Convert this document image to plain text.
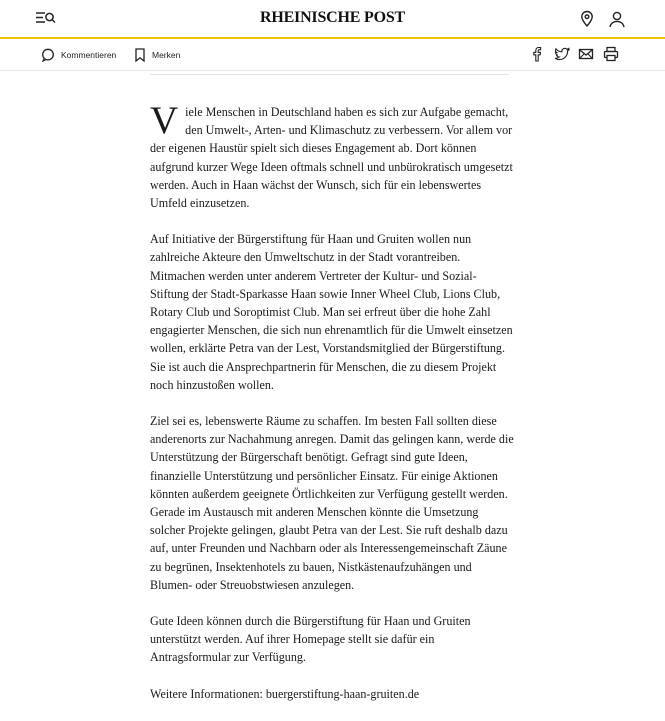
RHEINISCHE POST
Kommentieren	Merken

Viele Menschen in Deutschland haben es sich zur Aufgabe gemacht, den Umwelt-, Arten- und Klimaschutz zu verbessern. Vor allem vor der eigenen Haustür spielt sich dieses Engagement ab. Dort können aufgrund kurzer Wege Ideen oftmals schnell und unbürokratisch umgesetzt werden. Auch in Haan wächst der Wunsch, sich für ein lebenswertes Umfeld einzusetzen.

Auf Initiative der Bürgerstiftung für Haan und Gruiten wollen nun zahlreiche Akteure den Umweltschutz in der Stadt vorantreiben. Mitmachen werden unter anderem Vertreter der Kultur- und Sozial-Stiftung der Stadt-Sparkasse Haan sowie Inner Wheel Club, Lions Club, Rotary Club und Soroptimist Club. Man sei erfreut über die hohe Zahl engagierter Menschen, die sich nun ehrenamtlich für die Umwelt einsetzen wollen, erklärte Petra van der Lest, Vorstandsmitglied der Bürgerstiftung. Sie ist auch die Ansprechpartnerin für Menschen, die zu diesem Projekt noch hinzustoßen wollen.

Ziel sei es, lebenswerte Räume zu schaffen. Im besten Fall sollten diese anderenorts zur Nachahmung anregen. Damit das gelingen kann, werde die Unterstützung der Bürgerschaft benötigt. Gefragt sind gute Ideen, finanzielle Unterstützung und persönlicher Einsatz. Für einige Aktionen könnten außerdem geeignete Örtlichkeiten zur Verfügung gestellt werden. Gerade im Austausch mit anderen Menschen könnte die Umsetzung solcher Projekte gelingen, glaubt Petra van der Lest. Sie ruft deshalb dazu auf, unter Freunden und Nachbarn oder als Interessengemeinschaft Zäune zu begrünen, Insektenhotels zu bauen, Nistkästenaufzuhängen und Blumen- oder Streuobstwiesen anzulegen.

Gute Ideen können durch die Bürgerstiftung für Haan und Gruiten unterstützt werden. Auf ihrer Homepage stellt sie dafür ein Antragsformular zur Verfügung.

Weitere Informationen: buergerstiftung-haan-gruiten.de
